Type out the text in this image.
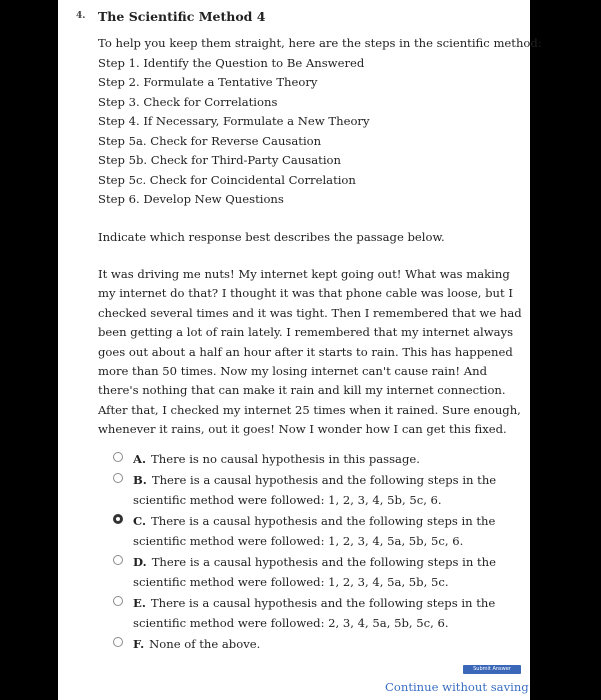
4. The Scientific Method 4
To help you keep them straight, here are the steps in the scientific method:
Step 1. Identify the Question to Be Answered
Step 2. Formulate a Tentative Theory
Step 3. Check for Correlations
Step 4. If Necessary, Formulate a New Theory
Step 5a. Check for Reverse Causation
Step 5b. Check for Third-Party Causation
Step 5c. Check for Coincidental Correlation
Step 6. Develop New Questions
Indicate which response best describes the passage below.
It was driving me nuts! My internet kept going out! What was making my internet do that? I thought it was that phone cable was loose, but I checked several times and it was tight. Then I remembered that we had been getting a lot of rain lately. I remembered that my internet always goes out about a half an hour after it starts to rain. This has happened more than 50 times. Now my losing internet can't cause rain! And there's nothing that can make it rain and kill my internet connection. After that, I checked my internet 25 times when it rained. Sure enough, whenever it rains, out it goes! Now I wonder how I can get this fixed.
A. There is no causal hypothesis in this passage.
B. There is a causal hypothesis and the following steps in the scientific method were followed: 1, 2, 3, 4, 5b, 5c, 6.
C. There is a causal hypothesis and the following steps in the scientific method were followed: 1, 2, 3, 4, 5a, 5b, 5c, 6.
D. There is a causal hypothesis and the following steps in the scientific method were followed: 1, 2, 3, 4, 5a, 5b, 5c.
E. There is a causal hypothesis and the following steps in the scientific method were followed: 2, 3, 4, 5a, 5b, 5c, 6.
F. None of the above.
Submit Answer
Continue without saving
